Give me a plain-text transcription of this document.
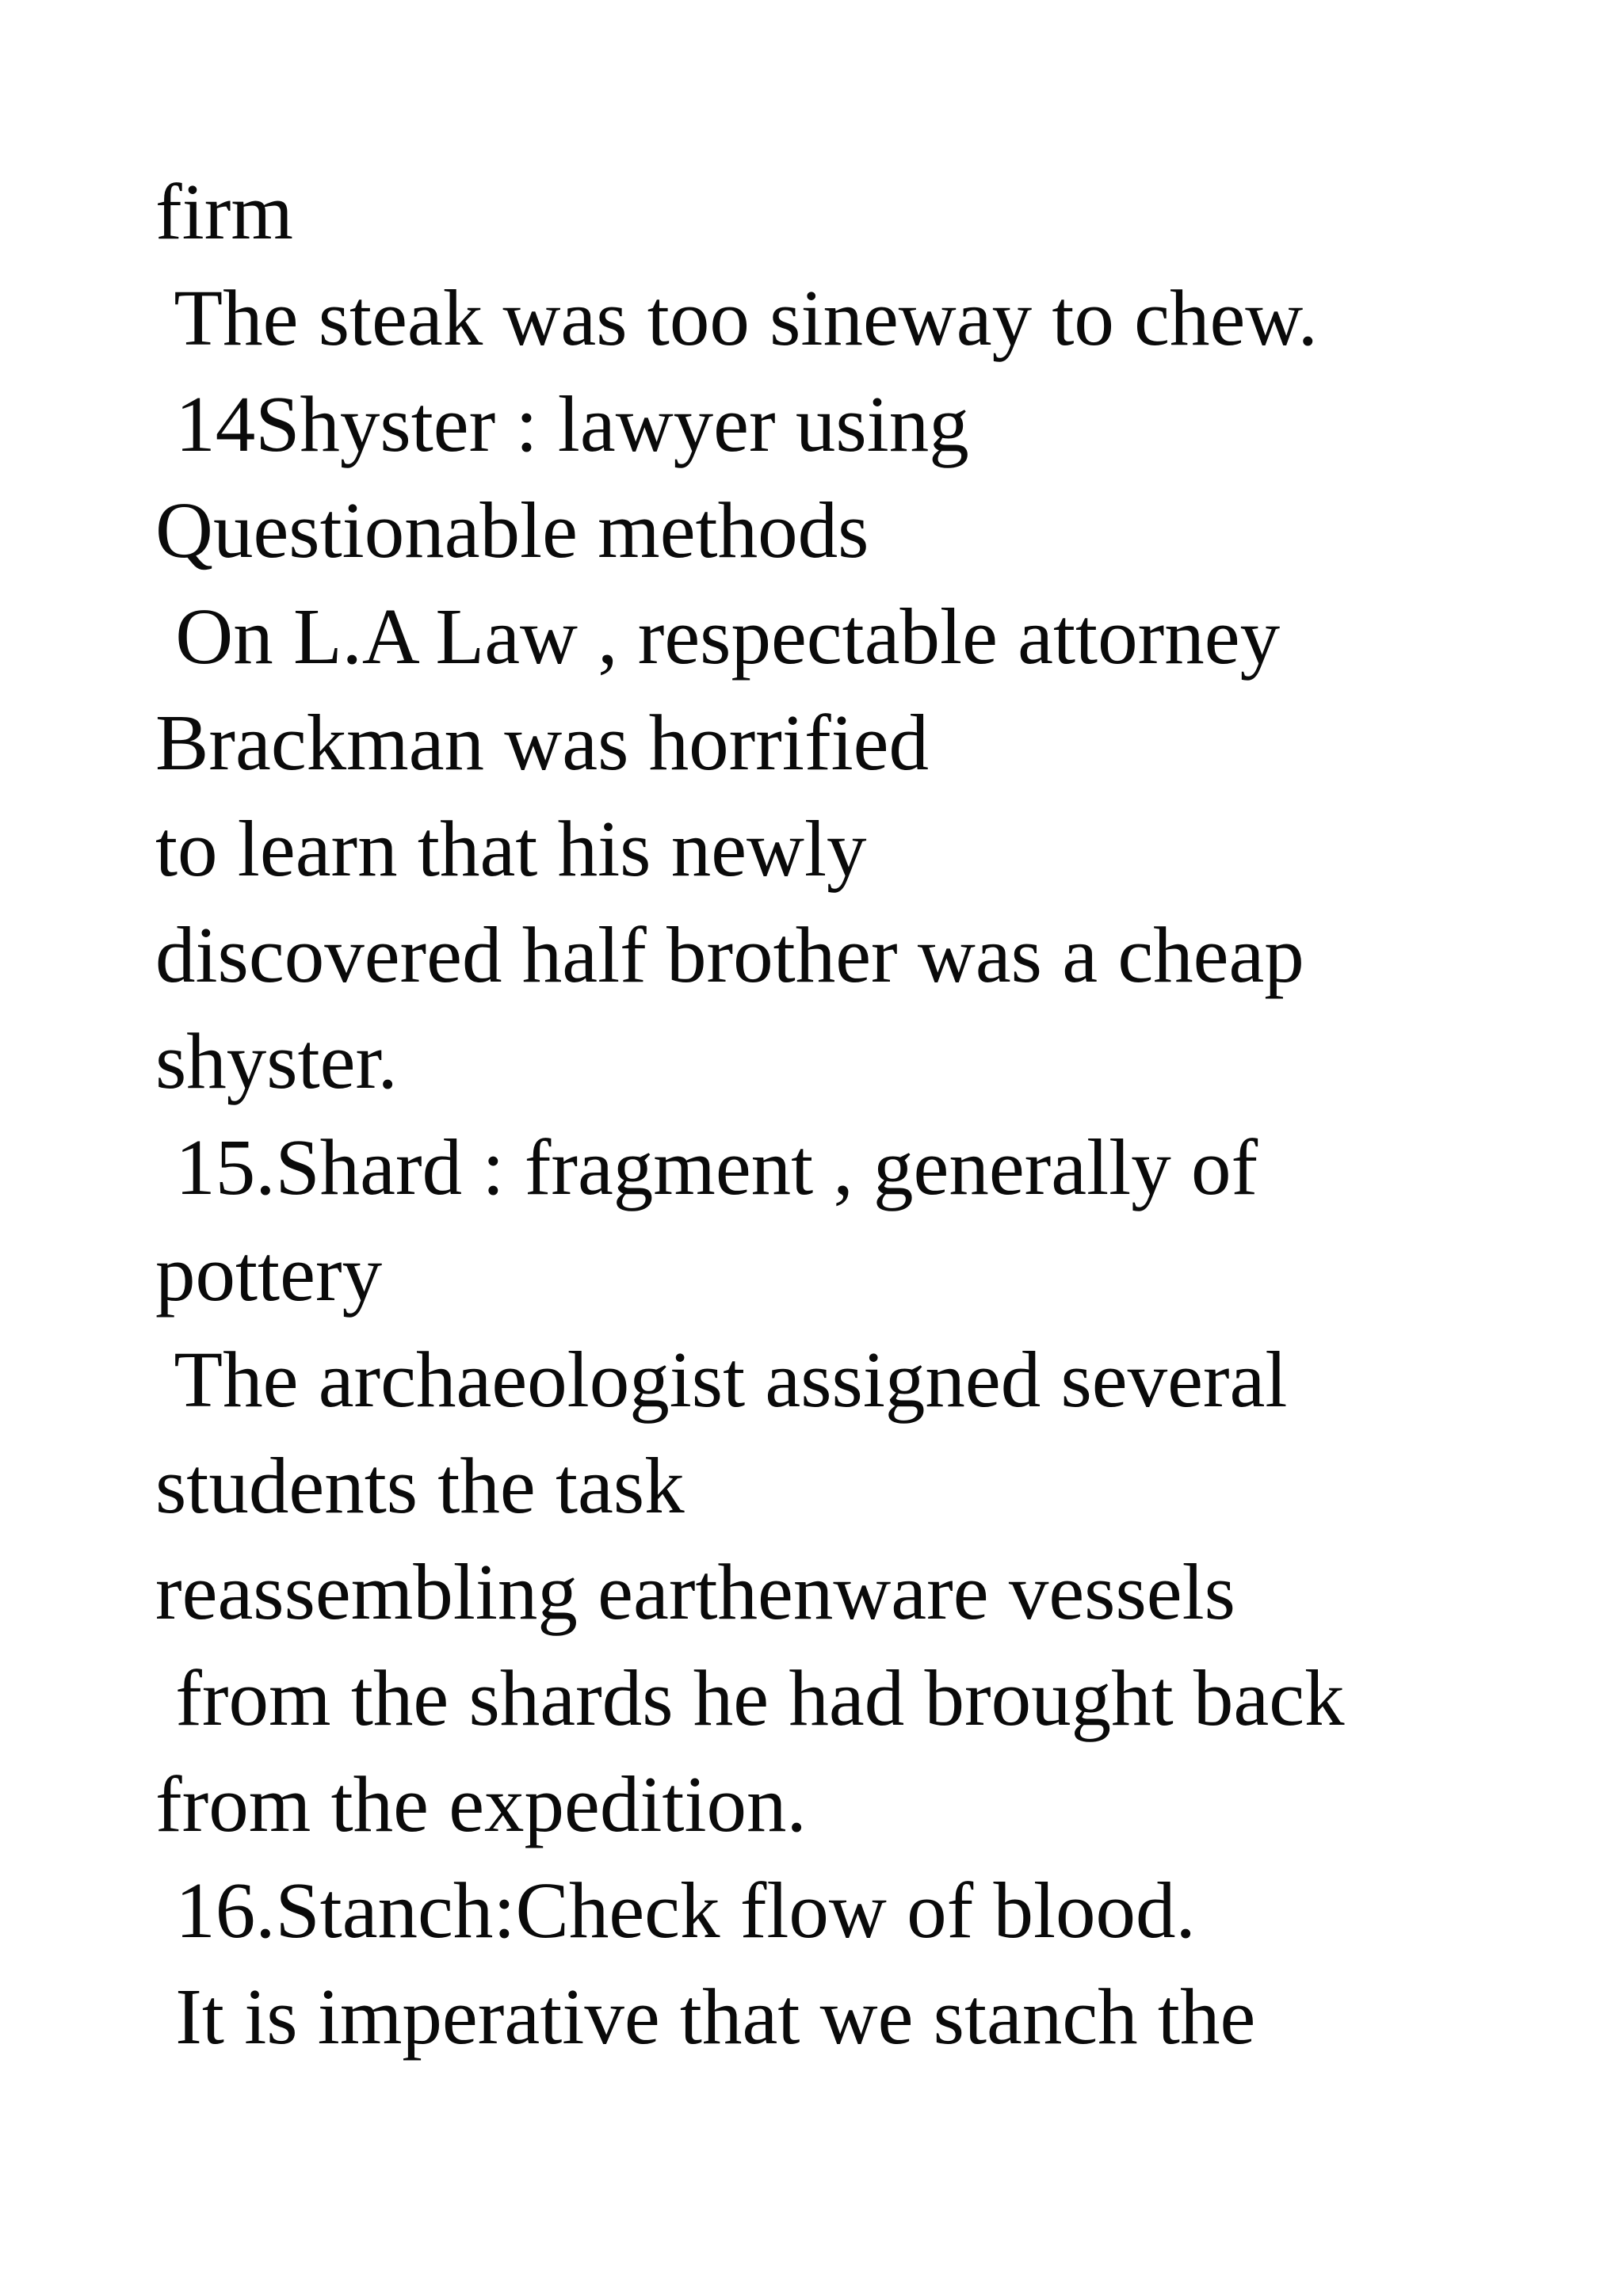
firm
The steak was too sineway to chew.
14Shyster : lawyer using
Questionable methods
On L.A Law , respectable attorney
Brackman was horrified
to learn that his newly
discovered half brother was a cheap
shyster.
15.Shard : fragment , generally of
pottery
The archaeologist assigned several
students the task
reassembling earthenware vessels
from the shards he had brought back
from the expedition.
16.Stanch:Check flow of blood.
It is imperative that we stanch the
